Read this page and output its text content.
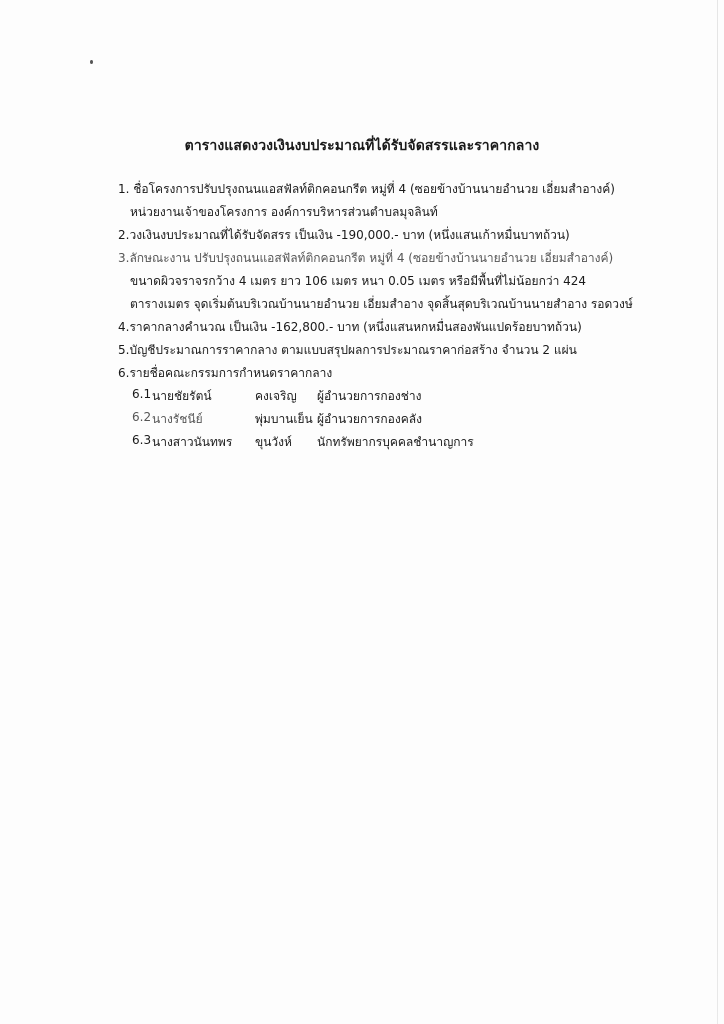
ตารางแสดงวงเงินงบประมาณที่ได้รับจัดสรรและราคากลาง
1. ชื่อโครงการปรับปรุงถนนแอสฟัลท์ติกคอนกรีต หมู่ที่ 4 (ซอยข้างบ้านนายอำนวย เอี่ยมสำอางค์)
หน่วยงานเจ้าของโครงการ องค์การบริหารส่วนตำบลมุจลินท์
2.วงเงินงบประมาณที่ได้รับจัดสรร เป็นเงิน -190,000.- บาท (หนึ่งแสนเก้าหมื่นบาทถ้วน)
3.ลักษณะงาน ปรับปรุงถนนแอสฟัลท์ติกคอนกรีต หมู่ที่ 4 (ซอยข้างบ้านนายอำนวย เอี่ยมสำอางค์)
ขนาดผิวจราจรกว้าง 4 เมตร ยาว 106 เมตร หนา 0.05 เมตร หรือมีพื้นที่ไม่น้อยกว่า 424
ตารางเมตร จุดเริ่มต้นบริเวณบ้านนายอำนวย เอี่ยมสำอาง จุดสิ้นสุดบริเวณบ้านนายสำอาง รอดวงษ์
4.ราคากลางคำนวณ เป็นเงิน -162,800.- บาท (หนึ่งแสนหกหมื่นสองพันแปดร้อยบาทถ้วน)
5.บัญชีประมาณการราคากลาง ตามแบบสรุปผลการประมาณราคาก่อสร้าง จำนวน 2 แผ่น
6.รายชื่อคณะกรรมการกำหนดราคากลาง
6.1 นายชัยรัตน์	คงเจริญ ผู้อำนวยการกองช่าง
6.2 นางรัชนีย์	พุ่มบานเย็น ผู้อำนวยการกองคลัง
6.3 นางสาวนันทพร ขุนวังห์ นักทรัพยากรบุคคลชำนาญการ
